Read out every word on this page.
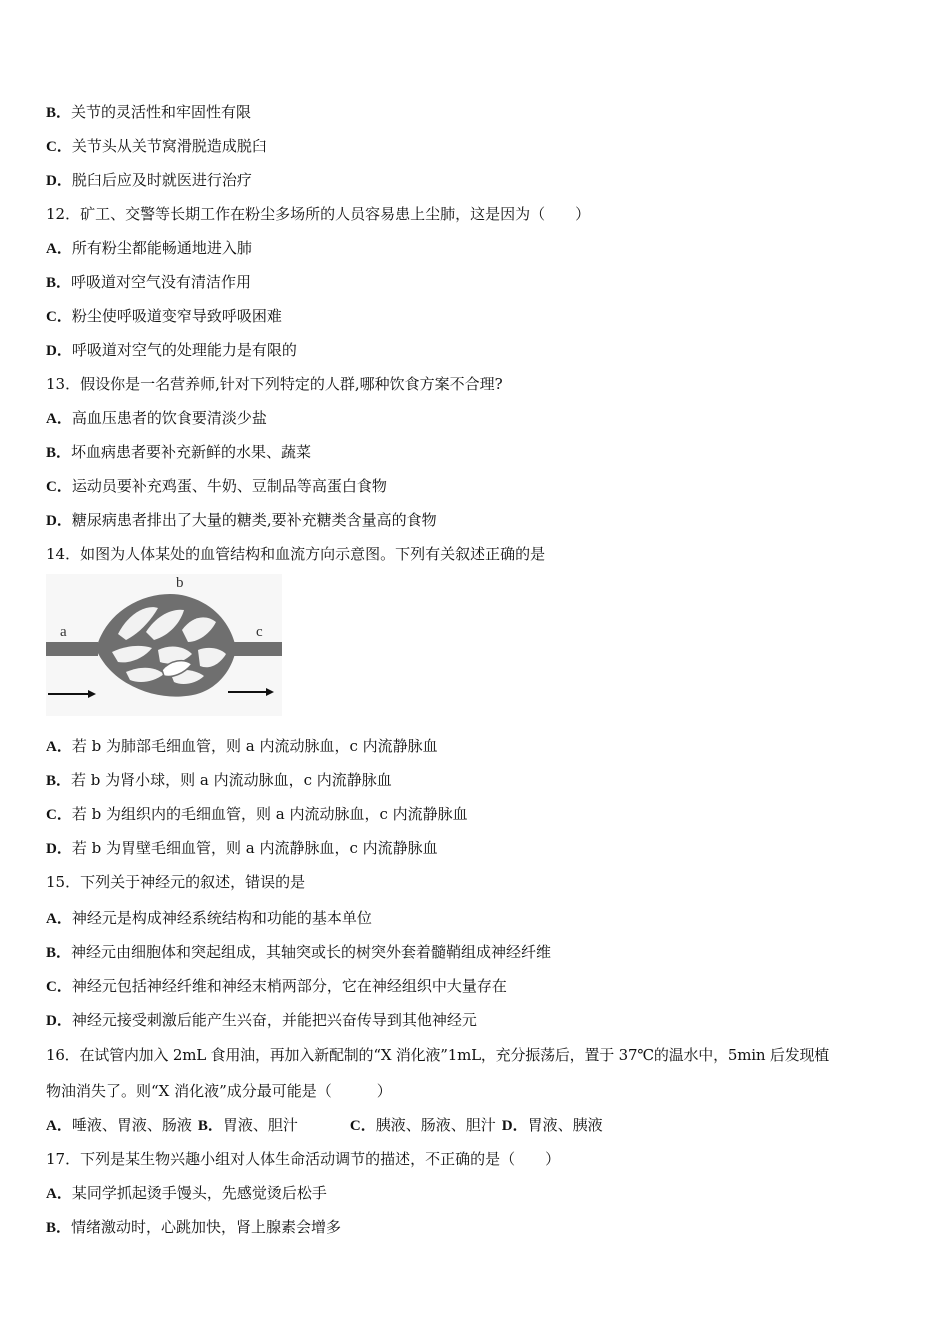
B．关节的灵活性和牢固性有限
C．关节头从关节窝滑脱造成脱臼
D．脱臼后应及时就医进行治疗
12．矿工、交警等长期工作在粉尘多场所的人员容易患上尘肺，这是因为（　　）
A．所有粉尘都能畅通地进入肺
B．呼吸道对空气没有清洁作用
C．粉尘使呼吸道变窄导致呼吸困难
D．呼吸道对空气的处理能力是有限的
13．假设你是一名营养师,针对下列特定的人群,哪种饮食方案不合理?
A．高血压患者的饮食要清淡少盐
B．坏血病患者要补充新鲜的水果、蔬菜
C．运动员要补充鸡蛋、牛奶、豆制品等高蛋白食物
D．糖尿病患者排出了大量的糖类,要补充糖类含量高的食物
14．如图为人体某处的血管结构和血流方向示意图。下列有关叙述正确的是
a
b
c
A．若 b 为肺部毛细血管，则 a 内流动脉血，c 内流静脉血
B．若 b 为肾小球，则 a 内流动脉血，c 内流静脉血
C．若 b 为组织内的毛细血管，则 a 内流动脉血，c 内流静脉血
D．若 b 为胃壁毛细血管，则 a 内流静脉血，c 内流静脉血
15．下列关于神经元的叙述，错误的是
A．神经元是构成神经系统结构和功能的基本单位
B．神经元由细胞体和突起组成，其轴突或长的树突外套着髓鞘组成神经纤维
C．神经元包括神经纤维和神经末梢两部分，它在神经组织中大量存在
D．神经元接受刺激后能产生兴奋，并能把兴奋传导到其他神经元
16．在试管内加入 2mL 食用油，再加入新配制的“X 消化液”1mL，充分振荡后，置于 37℃的温水中，5min 后发现植
物油消失了。则“X 消化液”成分最可能是（　　　）
A．唾液、胃液、肠液 B．胃液、胆汁	C．胰液、肠液、胆汁 D．胃液、胰液
17．下列是某生物兴趣小组对人体生命活动调节的描述，不正确的是（　　）
A．某同学抓起烫手馒头，先感觉烫后松手
B．情绪激动时，心跳加快，肾上腺素会增多
